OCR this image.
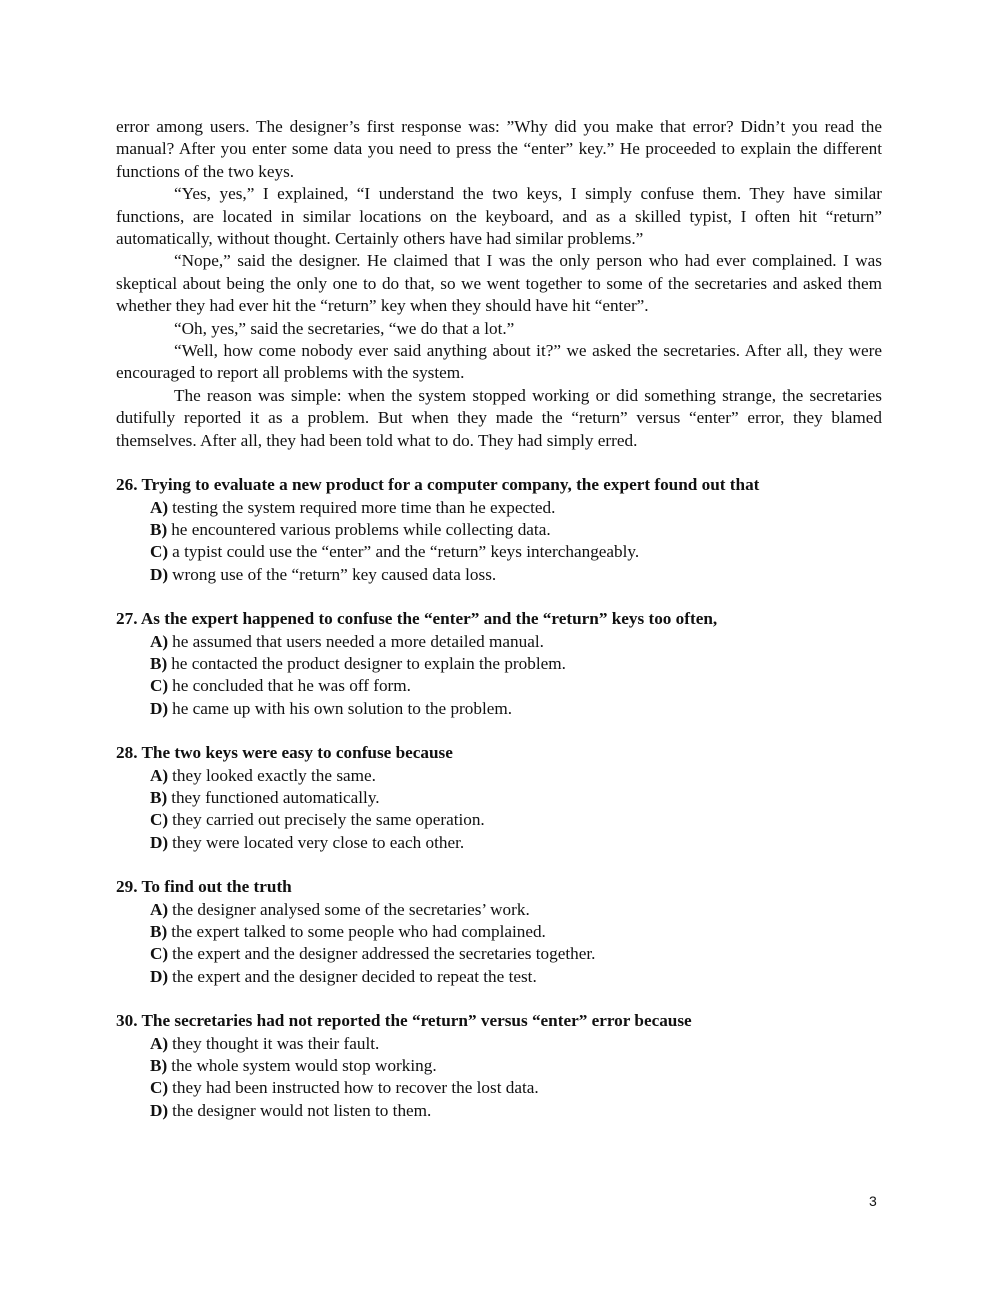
error among users. The designer’s first response was: ”Why did you make that error? Didn’t you read the manual? After you enter some data you need to press the “enter” key.” He proceeded to explain the different functions of the two keys.

“Yes, yes,” I explained, “I understand the two keys, I simply confuse them. They have similar functions, are located in similar locations on the keyboard, and as a skilled typist, I often hit “return” automatically, without thought. Certainly others have had similar problems.”

“Nope,” said the designer. He claimed that I was the only person who had ever complained. I was skeptical about being the only one to do that, so we went together to some of the secretaries and asked them whether they had ever hit the “return” key when they should have hit “enter”.

“Oh, yes,” said the secretaries, “we do that a lot.”

“Well, how come nobody ever said anything about it?” we asked the secretaries. After all, they were encouraged to report all problems with the system.

The reason was simple: when the system stopped working or did something strange, the secretaries dutifully reported it as a problem. But when they made the “return” versus “enter” error, they blamed themselves. After all, they had been told what to do. They had simply erred.

26. Trying to evaluate a new product for a computer company, the expert found out that

A) testing the system required more time than he expected.
B) he encountered various problems while collecting data.
C) a typist could use the “enter” and the “return” keys interchangeably.
D) wrong use of the “return” key caused data loss.

27. As the expert happened to confuse the “enter” and the “return” keys too often,

A) he assumed that users needed a more detailed manual.
B) he contacted the product designer to explain the problem.
C) he concluded that he was off form.
D) he came up with his own solution to the problem.

28. The two keys were easy to confuse because

A) they looked exactly the same.
B) they functioned automatically.
C) they carried out precisely the same operation.
D) they were located very close to each other.

29. To find out the truth

A) the designer analysed some of the secretaries’ work.
B) the expert talked to some people who had complained.
C) the expert and the designer addressed the secretaries together.
D) the expert and the designer decided to repeat the test.

30. The secretaries had not reported the “return” versus “enter” error because

A) they thought it was their fault.
B) the whole system would stop working.
C) they had been instructed how to recover the lost data.
D) the designer would not listen to them.
3
